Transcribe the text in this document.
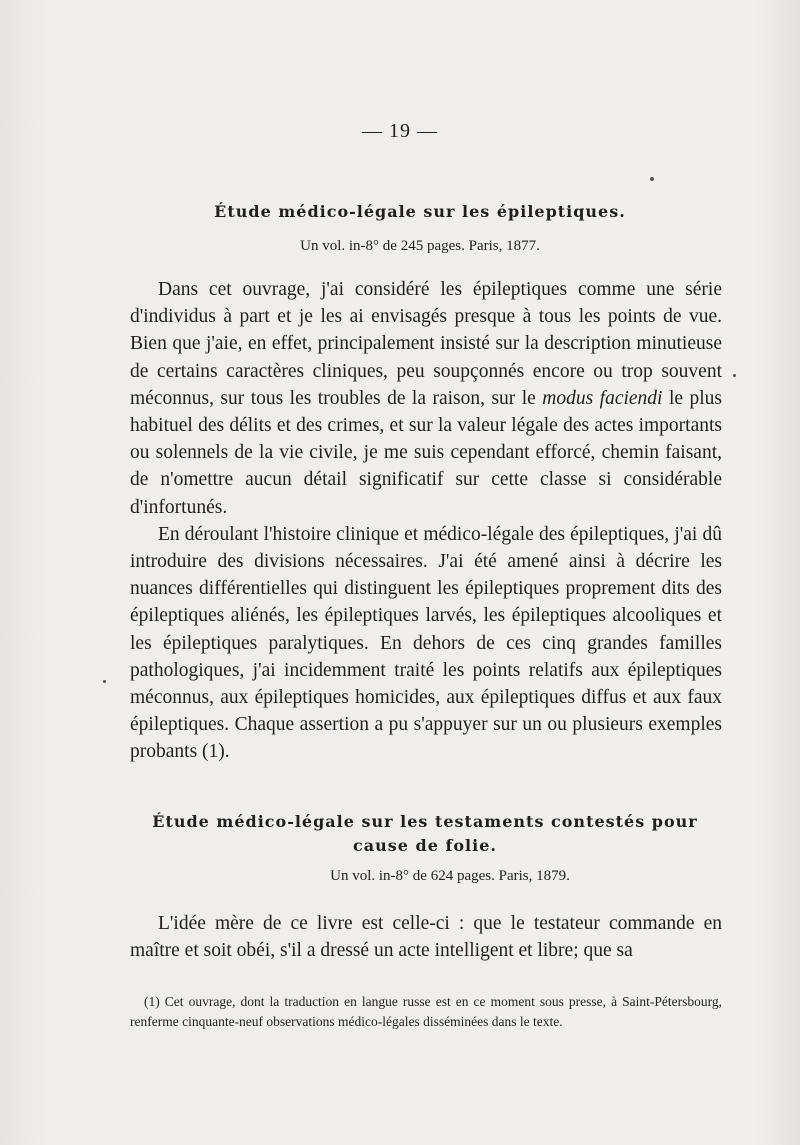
— 19 —
Étude médico-légale sur les épileptiques.
Un vol. in-8° de 245 pages. Paris, 1877.

Dans cet ouvrage, j'ai considéré les épileptiques comme une série d'individus à part et je les ai envisagés presque à tous les points de vue. Bien que j'aie, en effet, principalement insisté sur la description minutieuse de certains caractères cliniques, peu soupçonnés encore ou trop souvent méconnus, sur tous les troubles de la raison, sur le modus faciendi le plus habituel des délits et des crimes, et sur la valeur légale des actes importants ou solennels de la vie civile, je me suis cependant efforcé, chemin faisant, de n'omettre aucun détail significatif sur cette classe si considérable d'infortunés.

En déroulant l'histoire clinique et médico-légale des épileptiques, j'ai dû introduire des divisions nécessaires. J'ai été amené ainsi à décrire les nuances différentielles qui distinguent les épileptiques proprement dits des épileptiques aliénés, les épileptiques larvés, les épileptiques alcooliques et les épileptiques paralytiques. En dehors de ces cinq grandes familles pathologiques, j'ai incidemment traité les points relatifs aux épileptiques méconnus, aux épileptiques homicides, aux épileptiques diffus et aux faux épileptiques. Chaque assertion a pu s'appuyer sur un ou plusieurs exemples probants (1).

Étude médico-légale sur les testaments contestés pour cause de folie.
Un vol. in-8° de 624 pages. Paris, 1879.

L'idée mère de ce livre est celle-ci : que le testateur commande en maître et soit obéi, s'il a dressé un acte intelligent et libre; que sa

(1) Cet ouvrage, dont la traduction en langue russe est en ce moment sous presse, à Saint-Pétersbourg, renferme cinquante-neuf observations médico-légales disséminées dans le texte.
